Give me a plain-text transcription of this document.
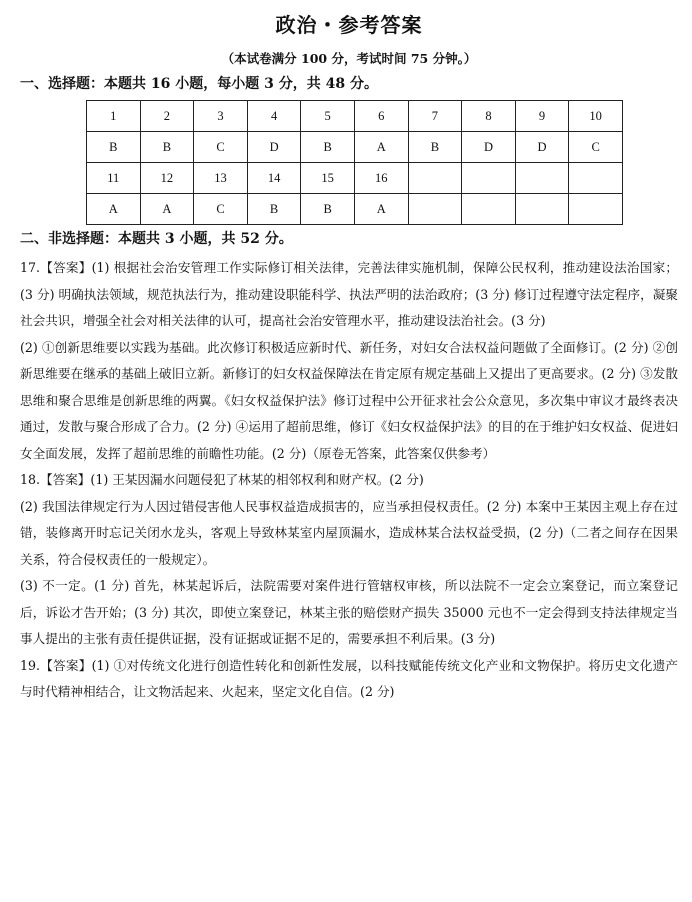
政治・参考答案
（本试卷满分 100 分，考试时间 75 分钟。）
一、选择题：本题共 16 小题，每小题 3 分，共 48 分。
1	2	3	4	5	6	7	8	9	10
B	B	C	D	B	A	B	D	D	C
11	12	13	14	15	16				
A	A	C	B	B	A				
二、非选择题：本题共 3 小题，共 52 分。

17.【答案】(1) 根据社会治安管理工作实际修订相关法律，完善法律实施机制，保障公民权利，推动建设法治国家；(3 分) 明确执法领域，规范执法行为，推动建设职能科学、执法严明的法治政府；(3 分) 修订过程遵守法定程序，凝聚社会共识，增强全社会对相关法律的认可，提高社会治安管理水平，推动建设法治社会。(3 分)

(2) ①创新思维要以实践为基础。此次修订积极适应新时代、新任务，对妇女合法权益问题做了全面修订。(2 分) ②创新思维要在继承的基础上破旧立新。新修订的妇女权益保障法在肯定原有规定基础上又提出了更高要求。(2 分) ③发散思维和聚合思维是创新思维的两翼。《妇女权益保护法》修订过程中公开征求社会公众意见，多次集中审议才最终表决通过，发散与聚合形成了合力。(2 分) ④运用了超前思维，修订《妇女权益保护法》的目的在于维护妇女权益、促进妇女全面发展，发挥了超前思维的前瞻性功能。(2 分)（原卷无答案，此答案仅供参考）

18.【答案】(1) 王某因漏水问题侵犯了林某的相邻权利和财产权。(2 分)

(2) 我国法律规定行为人因过错侵害他人民事权益造成损害的，应当承担侵权责任。(2 分) 本案中王某因主观上存在过错，装修离开时忘记关闭水龙头，客观上导致林某室内屋顶漏水，造成林某合法权益受损，(2 分)（二者之间存在因果关系，符合侵权责任的一般规定）。

(3) 不一定。(1 分) 首先，林某起诉后，法院需要对案件进行管辖权审核，所以法院不一定会立案登记，而立案登记后，诉讼才告开始；(3 分) 其次，即使立案登记，林某主张的赔偿财产损失 35000 元也不一定会得到支持法律规定当事人提出的主张有责任提供证据，没有证据或证据不足的，需要承担不利后果。(3 分)

19.【答案】(1) ①对传统文化进行创造性转化和创新性发展，以科技赋能传统文化产业和文物保护。将历史文化遗产与时代精神相结合，让文物活起来、火起来，坚定文化自信。(2 分)
